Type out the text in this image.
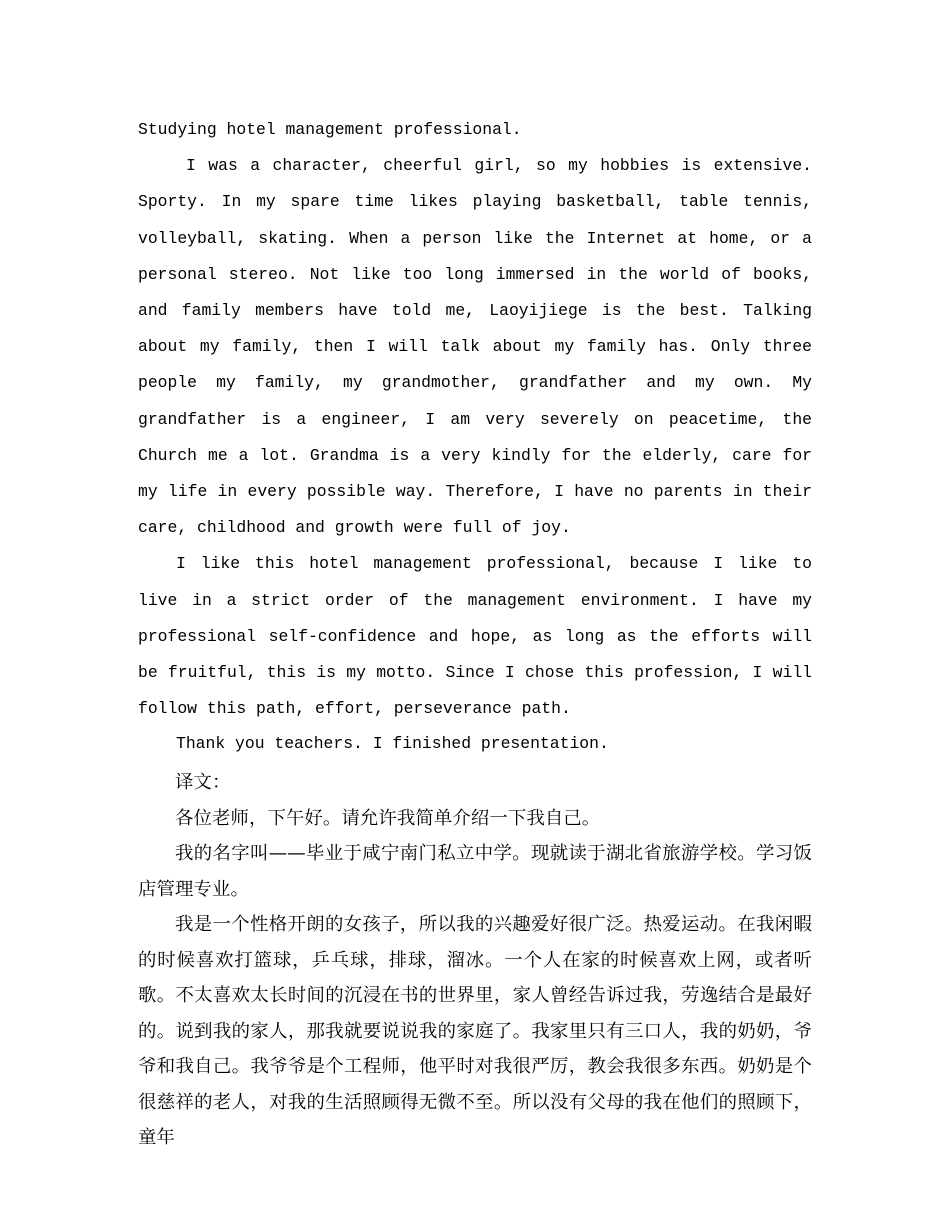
Studying hotel management professional.

I was a character, cheerful girl, so my hobbies is extensive. Sporty. In my spare time likes playing basketball, table tennis, volleyball, skating. When a person like the Internet at home, or a personal stereo. Not like too long immersed in the world of books, and family members have told me, Laoyijiege is the best. Talking about my family, then I will talk about my family has. Only three people my family, my grandmother, grandfather and my own. My grandfather is a engineer, I am very severely on peacetime, the Church me a lot. Grandma is a very kindly for the elderly, care for my life in every possible way. Therefore, I have no parents in their care, childhood and growth were full of joy.

I like this hotel management professional, because I like to live in a strict order of the management environment. I have my professional self-confidence and hope, as long as the efforts will be fruitful, this is my motto. Since I chose this profession, I will follow this path, effort, perseverance path.

Thank you teachers. I finished presentation.

译文：

各位老师，下午好。请允许我简单介绍一下我自己。

我的名字叫——毕业于咸宁南门私立中学。现就读于湖北省旅游学校。学习饭店管理专业。

我是一个性格开朗的女孩子，所以我的兴趣爱好很广泛。热爱运动。在我闲暇的时候喜欢打篮球，乒乓球，排球，溜冰。一个人在家的时候喜欢上网，或者听歌。不太喜欢太长时间的沉浸在书的世界里，家人曾经告诉过我，劳逸结合是最好的。说到我的家人，那我就要说说我的家庭了。我家里只有三口人，我的奶奶，爷爷和我自己。我爷爷是个工程师，他平时对我很严厉，教会我很多东西。奶奶是个很慈祥的老人，对我的生活照顾得无微不至。所以没有父母的我在他们的照顾下，童年
